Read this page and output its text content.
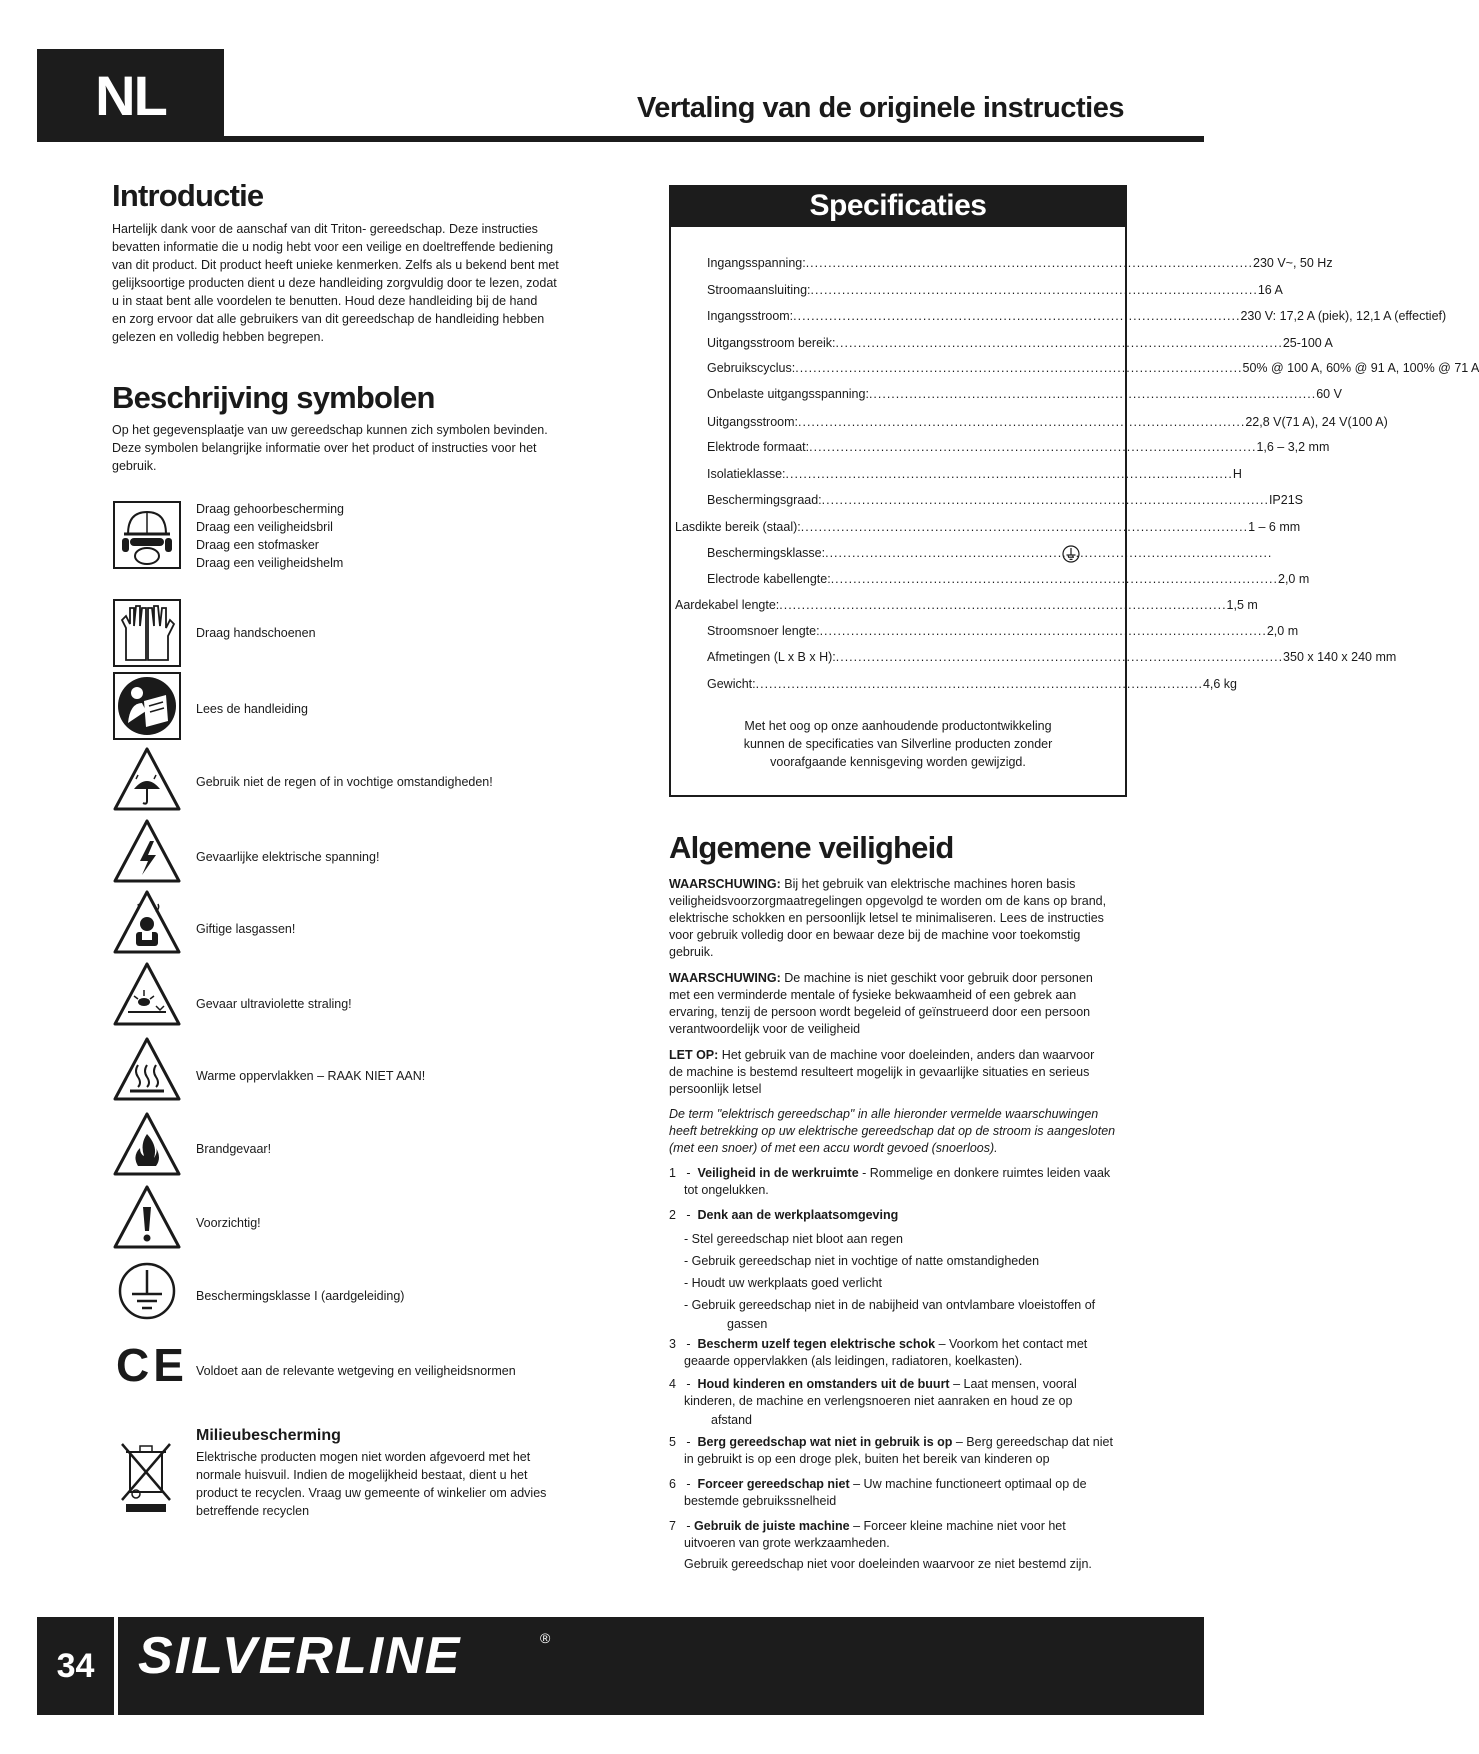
NL	Vertaling van de originele instructies
Introductie
Hartelijk dank voor de aanschaf van dit Triton- gereedschap. Deze instructies
bevatten informatie die u nodig hebt voor een veilige en doeltreffende bediening
van dit product. Dit product heeft unieke kenmerken. Zelfs als u bekend bent met
gelijksoortige producten dient u deze handleiding zorgvuldig door te lezen, zodat
u in staat bent alle voordelen te benutten. Houd deze handleiding bij de hand
en zorg ervoor dat alle gebruikers van dit gereedschap de handleiding hebben
gelezen en volledig hebben begrepen.
Beschrijving symbolen
Op het gegevensplaatje van uw gereedschap kunnen zich symbolen bevinden.
Deze symbolen belangrijke informatie over het product of instructies voor het
gebruik.
Draag gehoorbescherming
Draag een veiligheidsbril
Draag een stofmasker
Draag een veiligheidshelm
Draag handschoenen
Lees de handleiding
Gebruik niet de regen of in vochtige omstandigheden!
Gevaarlijke elektrische spanning!
Giftige lasgassen!
Gevaar ultraviolette straling!
Warme oppervlakken – RAAK NIET AAN!
Brandgevaar!
Voorzichtig!
Beschermingsklasse I (aardgeleiding)
CE Voldoet aan de relevante wetgeving en veiligheidsnormen
Milieubescherming
Elektrische producten mogen niet worden afgevoerd met het
normale huisvuil. Indien de mogelijkheid bestaat, dient u het
product te recyclen. Vraag uw gemeente of winkelier om advies
betreffende recyclen
Specificaties
Ingangsspanning: .................................................................................................... 230 V~, 50 Hz
Stroomaansluiting: .................................................................................................... 16 A
Ingangsstroom: .................................................................................................... 230 V: 17,2 A (piek), 12,1 A (effectief)
Uitgangsstroom bereik: .................................................................................................... 25-100 A
Gebruikscyclus: .................................................................................................... 50% @ 100 A, 60% @ 91 A, 100% @ 71 A
Onbelaste uitgangsspanning: .................................................................................................... 60 V
Uitgangsstroom: .................................................................................................... 22,8 V(71 A), 24 V(100 A)
Elektrode formaat: .................................................................................................... 1,6 – 3,2 mm
Isolatieklasse: .................................................................................................... H
Beschermingsgraad: .................................................................................................... IP21S
Lasdikte bereik (staal): .................................................................................................... 1 – 6 mm
Beschermingsklasse: ....................................................................................................
Electrode kabellengte: .................................................................................................... 2,0 m
Aardekabel lengte: .................................................................................................... 1,5 m
Stroomsnoer lengte: .................................................................................................... 2,0 m
Afmetingen (L x B x H): .................................................................................................... 350 x 140 x 240 mm
Gewicht: .................................................................................................... 4,6 kg
Met het oog op onze aanhoudende productontwikkeling
kunnen de specificaties van Silverline producten zonder
voorafgaande kennisgeving worden gewijzigd.
Algemene veiligheid
WAARSCHUWING: Bij het gebruik van elektrische machines horen basis
veiligheidsvoorzorgmaatregelingen opgevolgd te worden om de kans op brand,
elektrische schokken en persoonlijk letsel te minimaliseren. Lees de instructies
voor gebruik volledig door en bewaar deze bij de machine voor toekomstig
gebruik.
WAARSCHUWING: De machine is niet geschikt voor gebruik door personen
met een verminderde mentale of fysieke bekwaamheid of een gebrek aan
ervaring, tenzij de persoon wordt begeleid of geïnstrueerd door een persoon
verantwoordelijk voor de veiligheid
LET OP: Het gebruik van de machine voor doeleinden, anders dan waarvoor
de machine is bestemd resulteert mogelijk in gevaarlijke situaties en serieus
persoonlijk letsel
De term "elektrisch gereedschap" in alle hieronder vermelde waarschuwingen
heeft betrekking op uw elektrische gereedschap dat op de stroom is aangesloten
(met een snoer) of met een accu wordt gevoed (snoerloos).
1   -  Veiligheid in de werkruimte - Rommelige en donkere ruimtes leiden vaak
tot ongelukken.
2   -  Denk aan de werkplaatsomgeving
- Stel gereedschap niet bloot aan regen
- Gebruik gereedschap niet in vochtige of natte omstandigheden
- Houdt uw werkplaats goed verlicht
- Gebruik gereedschap niet in de nabijheid van ontvlambare vloeistoffen of
gassen
3   -  Bescherm uzelf tegen elektrische schok – Voorkom het contact met
geaarde oppervlakken (als leidingen, radiatoren, koelkasten).
4   -  Houd kinderen en omstanders uit de buurt – Laat mensen, vooral
kinderen, de machine en verlengsnoeren niet aanraken en houd ze op
afstand
5   -  Berg gereedschap wat niet in gebruik is op – Berg gereedschap dat niet
in gebruikt is op een droge plek, buiten het bereik van kinderen op
6   -  Forceer gereedschap niet – Uw machine functioneert optimaal op de
bestemde gebruikssnelheid
7   - Gebruik de juiste machine – Forceer kleine machine niet voor het
uitvoeren van grote werkzaamheden.
Gebruik gereedschap niet voor doeleinden waarvoor ze niet bestemd zijn.
34 SILVERLINE	®
